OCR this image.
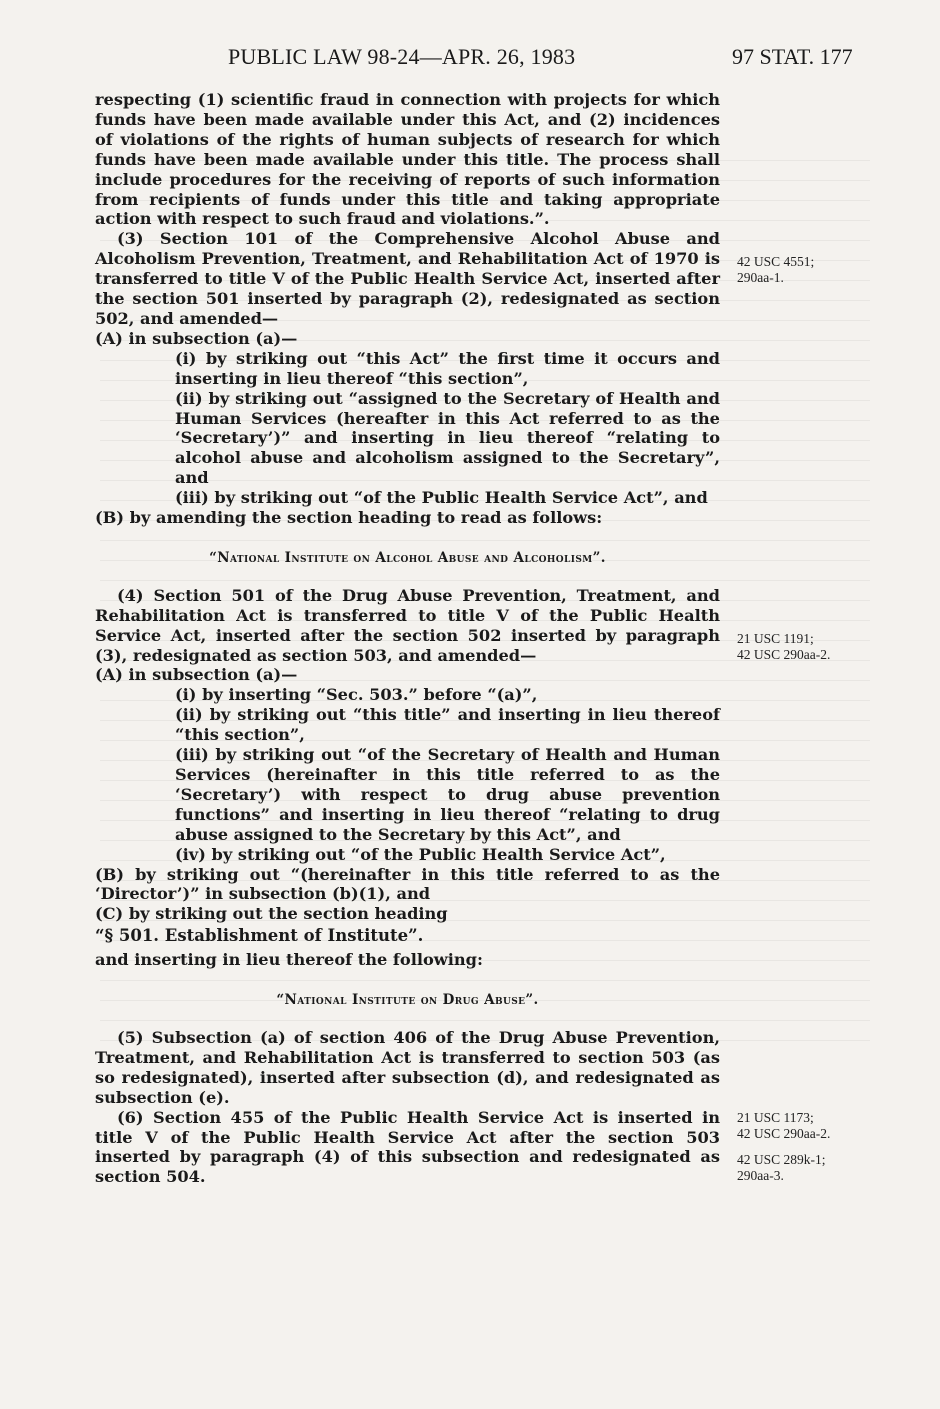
PUBLIC LAW 98-24—APR. 26, 1983	97 STAT. 177

respecting (1) scientific fraud in connection with projects for which funds have been made available under this Act, and (2) incidences of violations of the rights of human subjects of research for which funds have been made available under this title. The process shall include procedures for the receiving of reports of such information from recipients of funds under this title and taking appropriate action with respect to such fraud and violations.”.

(3) Section 101 of the Comprehensive Alcohol Abuse and Alcoholism Prevention, Treatment, and Rehabilitation Act of 1970 is transferred to title V of the Public Health Service Act, inserted after the section 501 inserted by paragraph (2), redesignated as section 502, and amended—

(A) in subsection (a)—

(i) by striking out “this Act” the first time it occurs and inserting in lieu thereof “this section”,

(ii) by striking out “assigned to the Secretary of Health and Human Services (hereafter in this Act referred to as the ‘Secretary’)” and inserting in lieu thereof “relating to alcohol abuse and alcoholism assigned to the Secretary”, and

(iii) by striking out “of the Public Health Service Act”, and

(B) by amending the section heading to read as follows:

“National Institute on Alcohol Abuse and Alcoholism”.

(4) Section 501 of the Drug Abuse Prevention, Treatment, and Rehabilitation Act is transferred to title V of the Public Health Service Act, inserted after the section 502 inserted by paragraph (3), redesignated as section 503, and amended—

(A) in subsection (a)—

(i) by inserting “Sec. 503.” before “(a)”,

(ii) by striking out “this title” and inserting in lieu thereof “this section”,

(iii) by striking out “of the Secretary of Health and Human Services (hereinafter in this title referred to as the ‘Secretary’) with respect to drug abuse prevention functions” and inserting in lieu thereof “relating to drug abuse assigned to the Secretary by this Act”, and

(iv) by striking out “of the Public Health Service Act”,

(B) by striking out “(hereinafter in this title referred to as the ‘Director’)” in subsection (b)(1), and

(C) by striking out the section heading

“§ 501. Establishment of Institute”.

and inserting in lieu thereof the following:

“National Institute on Drug Abuse”.

(5) Subsection (a) of section 406 of the Drug Abuse Prevention, Treatment, and Rehabilitation Act is transferred to section 503 (as so redesignated), inserted after subsection (d), and redesignated as subsection (e).

(6) Section 455 of the Public Health Service Act is inserted in title V of the Public Health Service Act after the section 503 inserted by paragraph (4) of this subsection and redesignated as section 504.

42 USC 4551;
290aa-1.
21 USC 1191;
42 USC 290aa-2.
21 USC 1173;
42 USC 290aa-2.
42 USC 289k-1;
290aa-3.
